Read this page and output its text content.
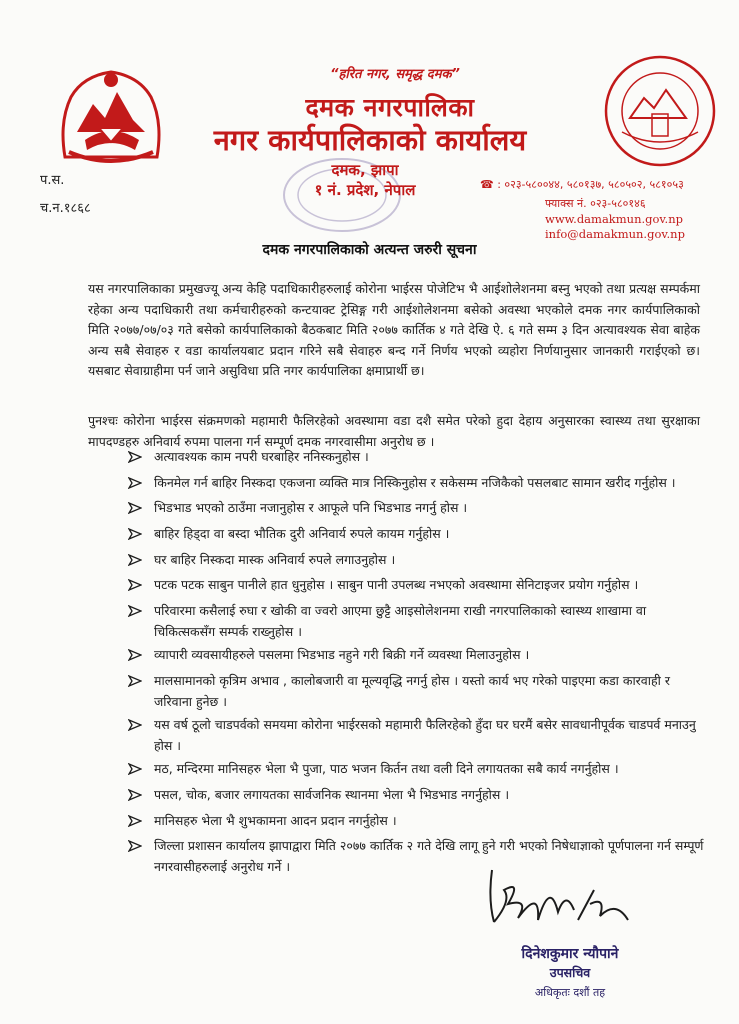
प.स.
च.न.१८६८
“हरित नगर, समृद्ध दमक”
दमक नगरपालिका
नगर कार्यपालिकाको कार्यालय
दमक, झापा
१ नं. प्रदेश, नेपाल	☎ : ०२३-५८००४४, ५८०१३७, ५८०५०२, ५८१०५३
फ्याक्स नं. ०२३-५८०१४६
www.damakmun.gov.np
info@damakmun.gov.np
दमक नगरपालिकाको अत्यन्त जरुरी सूचना
यस नगरपालिकाका प्रमुखज्यू अन्य केहि पदाधिकारीहरुलाई कोरोना भाईरस पोजेटिभ भै आईशोलेशनमा बस्नु भएको तथा प्रत्यक्ष सम्पर्कमा रहेका अन्य पदाधिकारी तथा कर्मचारीहरुको कन्टयाक्ट ट्रेसिङ्ग गरी आईशोलेशनमा बसेको अवस्था भएकोले दमक नगर कार्यपालिकाको मिति २०७७/०७/०३ गते बसेको कार्यपालिकाको बैठकबाट मिति २०७७ कार्तिक ४ गते देखि ऐ. ६ गते सम्म ३ दिन अत्यावश्यक सेवा बाहेक अन्य सबै सेवाहरु र वडा कार्यालयबाट प्रदान गरिने सबै सेवाहरु बन्द गर्ने निर्णय भएको व्यहोरा निर्णयानुसार जानकारी गराईएको छ। यसबाट सेवाग्राहीमा पर्न जाने असुविधा प्रति नगर कार्यपालिका क्षमाप्रार्थी छ।
पुनश्चः कोरोना भाईरस संक्रमणको महामारी फैलिरहेको अवस्थामा वडा दशै समेत परेको हुदा देहाय अनुसारका स्वास्थ्य तथा सुरक्षाका मापदण्डहरु अनिवार्य रुपमा पालना गर्न सम्पूर्ण दमक नगरवासीमा अनुरोध छ ।
अत्यावश्यक काम नपरी घरबाहिर ननिस्कनुहोस ।
किनमेल गर्न बाहिर निस्कदा एकजना व्यक्ति मात्र निस्किनुहोस र सकेसम्म नजिकैको पसलबाट सामान खरीद गर्नुहोस ।
भिडभाड भएको ठाउँमा नजानुहोस र आफूले पनि भिडभाड नगर्नु होस ।
बाहिर हिड्दा वा बस्दा भौतिक दुरी अनिवार्य रुपले कायम गर्नुहोस ।
घर बाहिर निस्कदा मास्क अनिवार्य रुपले लगाउनुहोस ।
पटक पटक साबुन पानीले हात धुनुहोस । साबुन पानी उपलब्ध नभएको अवस्थामा सेनिटाइजर प्रयोग गर्नुहोस ।
परिवारमा कसैलाई रुघा र खोकी वा ज्वरो आएमा छुट्टै आइसोलेशनमा राखी नगरपालिकाको स्वास्थ्य शाखामा वा चिकित्सकसँग सम्पर्क राख्नुहोस ।
व्यापारी व्यवसायीहरुले पसलमा भिडभाड नहुने गरी बिक्री गर्ने व्यवस्था मिलाउनुहोस ।
मालसामानको कृत्रिम अभाव , कालोबजारी वा मूल्यवृद्धि नगर्नु होस । यस्तो कार्य भए गरेको पाइएमा कडा कारवाही र जरिवाना हुनेछ ।
यस वर्ष ठूलो चाडपर्वको समयमा कोरोना भाईरसको महामारी फैलिरहेको हुँदा घर घरमैं बसेर सावधानीपूर्वक चाडपर्व मनाउनु होस ।
मठ, मन्दिरमा मानिसहरु भेला भै पुजा, पाठ भजन किर्तन तथा वली दिने लगायतका सबै कार्य नगर्नुहोस ।
पसल, चोक, बजार लगायतका सार्वजनिक स्थानमा भेला भै भिडभाड नगर्नुहोस ।
मानिसहरु भेला भै शुभकामना आदन प्रदान नगर्नुहोस ।
जिल्ला प्रशासन कार्यालय झापाद्वारा मिति २०७७ कार्तिक २ गते देखि लागू हुने गरी भएको निषेधाज्ञाको पूर्णपालना गर्न सम्पूर्ण नगरवासीहरुलाई अनुरोध गर्ने ।
दिनेशकुमार न्यौपाने
उपसचिव
अधिकृतः दशौं तह
